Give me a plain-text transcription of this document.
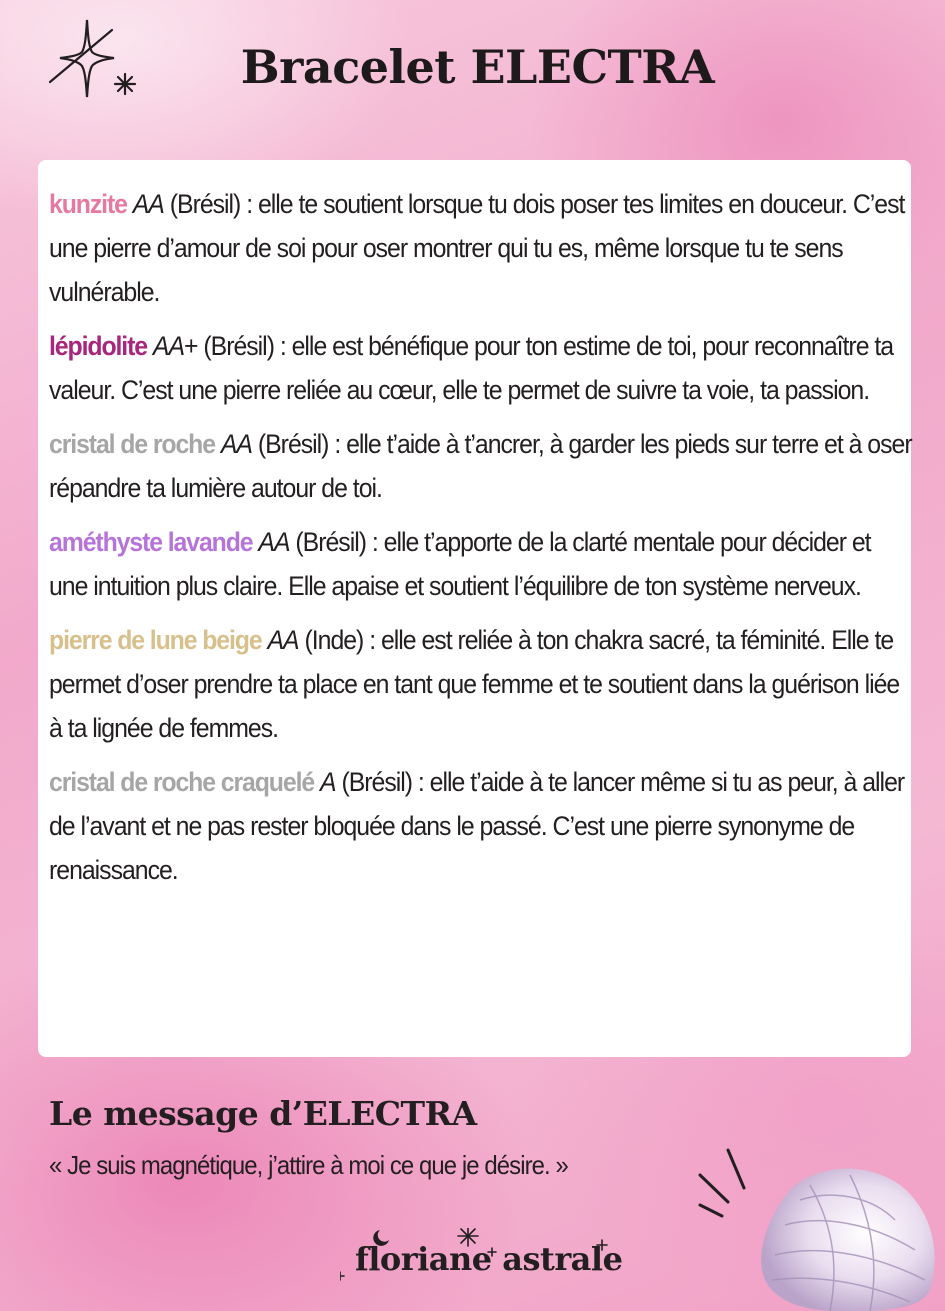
Bracelet ELECTRA

kunzite AA (Brésil) : elle te soutient lorsque tu dois poser tes limites en douceur. C’est une pierre d’amour de soi pour oser montrer qui tu es, même lorsque tu te sens vulnérable.

lépidolite AA+ (Brésil) : elle est bénéfique pour ton estime de toi, pour reconnaître ta valeur. C’est une pierre reliée au cœur, elle te permet de suivre ta voie, ta passion.

cristal de roche AA (Brésil) : elle t’aide à t’ancrer, à garder les pieds sur terre et à oser répandre ta lumière autour de toi.

améthyste lavande AA (Brésil) : elle t’apporte de la clarté mentale pour décider et une intuition plus claire. Elle apaise et soutient l’équilibre de ton système nerveux.

pierre de lune beige AA (Inde) : elle est reliée à ton chakra sacré, ta féminité. Elle te permet d’oser prendre ta place en tant que femme et te soutient dans la guérison liée à ta lignée de femmes.

cristal de roche craquelé A (Brésil) : elle t’aide à te lancer même si tu as peur, à aller de l’avant et ne pas rester bloquée dans le passé. C’est une pierre synonyme de renaissance.

Le message d’ELECTRA
« Je suis magnétique, j’attire à moi ce que je désire. »
floriane astrale
